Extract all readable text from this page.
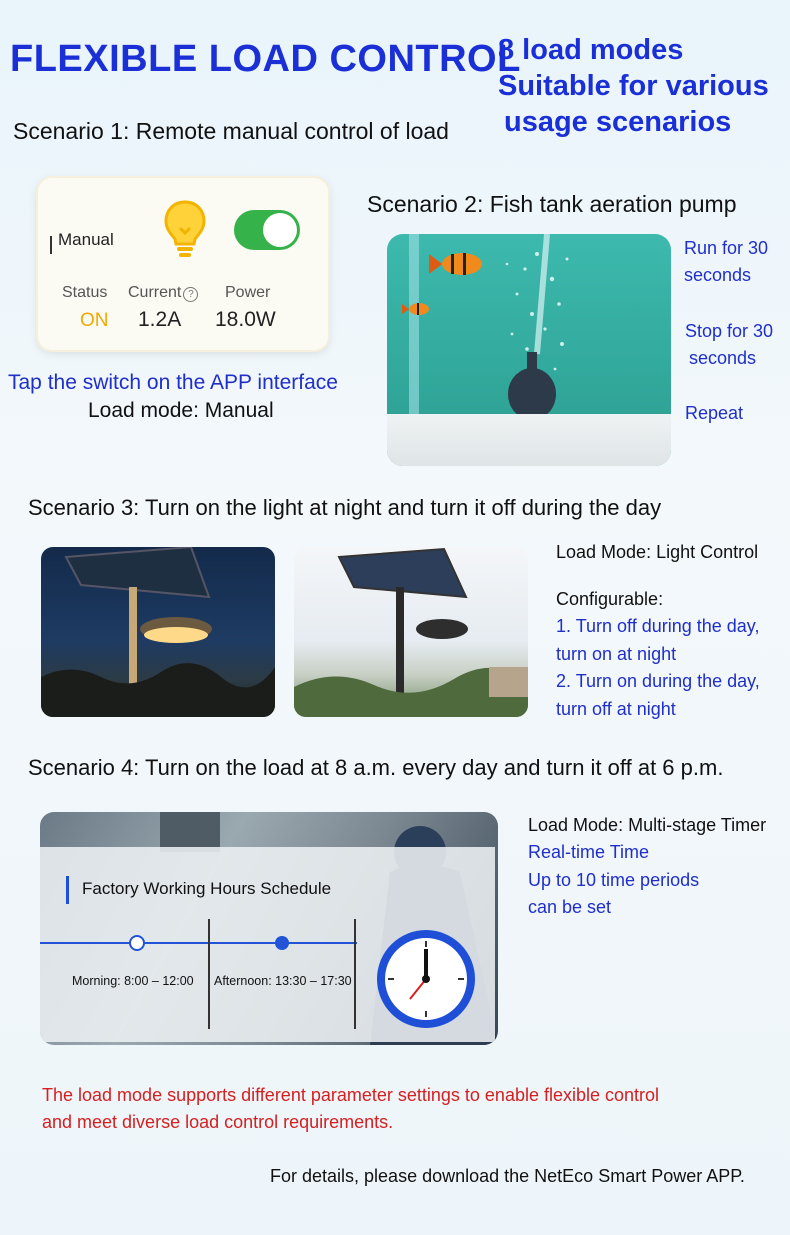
FLEXIBLE LOAD CONTROL
8 load modes
Suitable for various
usage scenarios
Scenario 1: Remote manual control of load
Manual
Status Current ? Power
ON 1.2A 18.0W
Tap the switch on the APP interface
Load mode: Manual
Scenario 2: Fish tank aeration pump
Run for 30
seconds
Stop for 30
seconds
Repeat
Scenario 3: Turn on the light at night and turn it off during the day
Load Mode: Light Control
Configurable:
1. Turn off during the day,
turn on at night
2. Turn on during the day,
turn off at night
Scenario 4: Turn on the load at 8 a.m. every day and turn it off at 6 p.m.
Factory Working Hours Schedule
Morning: 8:00 – 12:00 Afternoon: 13:30 – 17:30
Load Mode: Multi-stage Timer
Real-time Time
Up to 10 time periods
can be set
The load mode supports different parameter settings to enable flexible control
and meet diverse load control requirements.
For details, please download the NetEco Smart Power APP.
